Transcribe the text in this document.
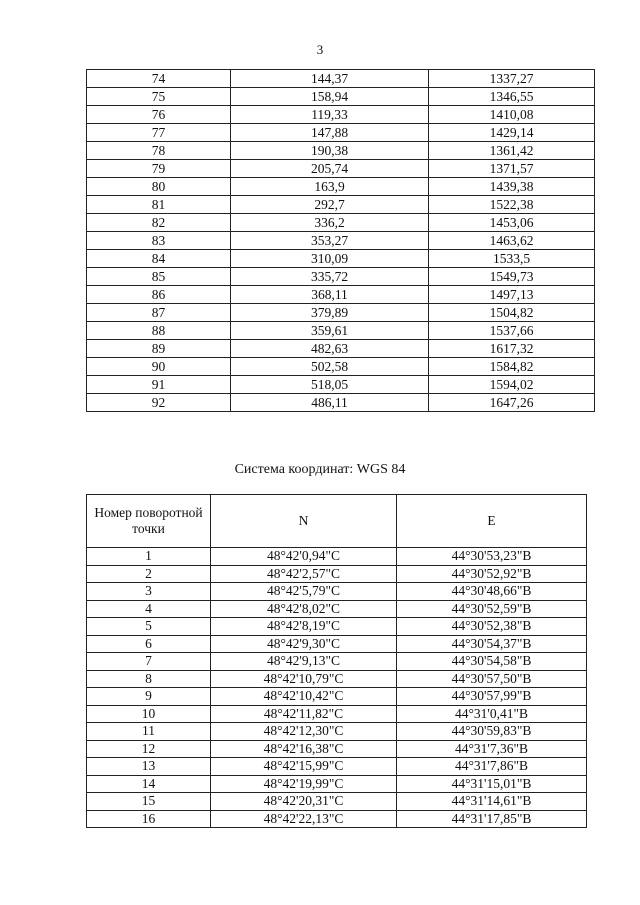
3
74	144,37	1337,27
75	158,94	1346,55
76	119,33	1410,08
77	147,88	1429,14
78	190,38	1361,42
79	205,74	1371,57
80	163,9	1439,38
81	292,7	1522,38
82	336,2	1453,06
83	353,27	1463,62
84	310,09	1533,5
85	335,72	1549,73
86	368,11	1497,13
87	379,89	1504,82
88	359,61	1537,66
89	482,63	1617,32
90	502,58	1584,82
91	518,05	1594,02
92	486,11	1647,26
Система координат: WGS 84
Номер поворотной точки	N	E
1	48°42'0,94"С	44°30'53,23"В
2	48°42'2,57"С	44°30'52,92"В
3	48°42'5,79"С	44°30'48,66"В
4	48°42'8,02"С	44°30'52,59"В
5	48°42'8,19"С	44°30'52,38"В
6	48°42'9,30"С	44°30'54,37"В
7	48°42'9,13"С	44°30'54,58"В
8	48°42'10,79"С	44°30'57,50"В
9	48°42'10,42"С	44°30'57,99"В
10	48°42'11,82"С	44°31'0,41"В
11	48°42'12,30"С	44°30'59,83"В
12	48°42'16,38"С	44°31'7,36"В
13	48°42'15,99"С	44°31'7,86"В
14	48°42'19,99"С	44°31'15,01"В
15	48°42'20,31"С	44°31'14,61"В
16	48°42'22,13"С	44°31'17,85"В
